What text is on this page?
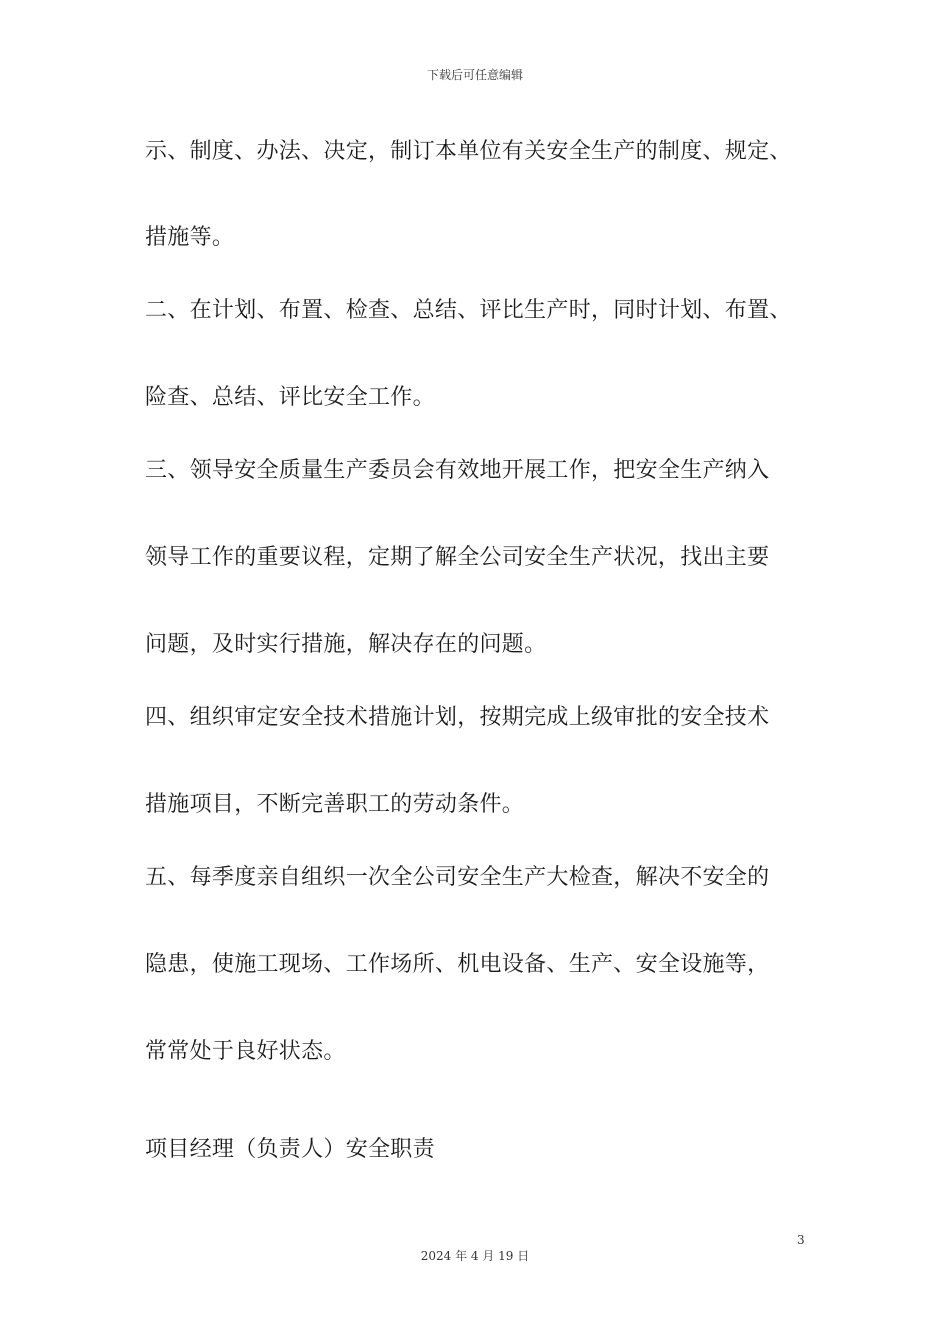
下载后可任意编辑
示、制度、办法、决定，制订本单位有关安全生产的制度、规定、
措施等。
二、在计划、布置、检查、总结、评比生产时，同时计划、布置、
险查、总结、评比安全工作。
三、领导安全质量生产委员会有效地开展工作，把安全生产纳入
领导工作的重要议程，定期了解全公司安全生产状况，找出主要
问题，及时实行措施，解决存在的问题。
四、组织审定安全技术措施计划，按期完成上级审批的安全技术
措施项目，不断完善职工的劳动条件。
五、每季度亲自组织一次全公司安全生产大检查，解决不安全的
隐患，使施工现场、工作场所、机电设备、生产、安全设施等，
常常处于良好状态。
项目经理（负责人）安全职责
3
2024 年 4 月 19 日
